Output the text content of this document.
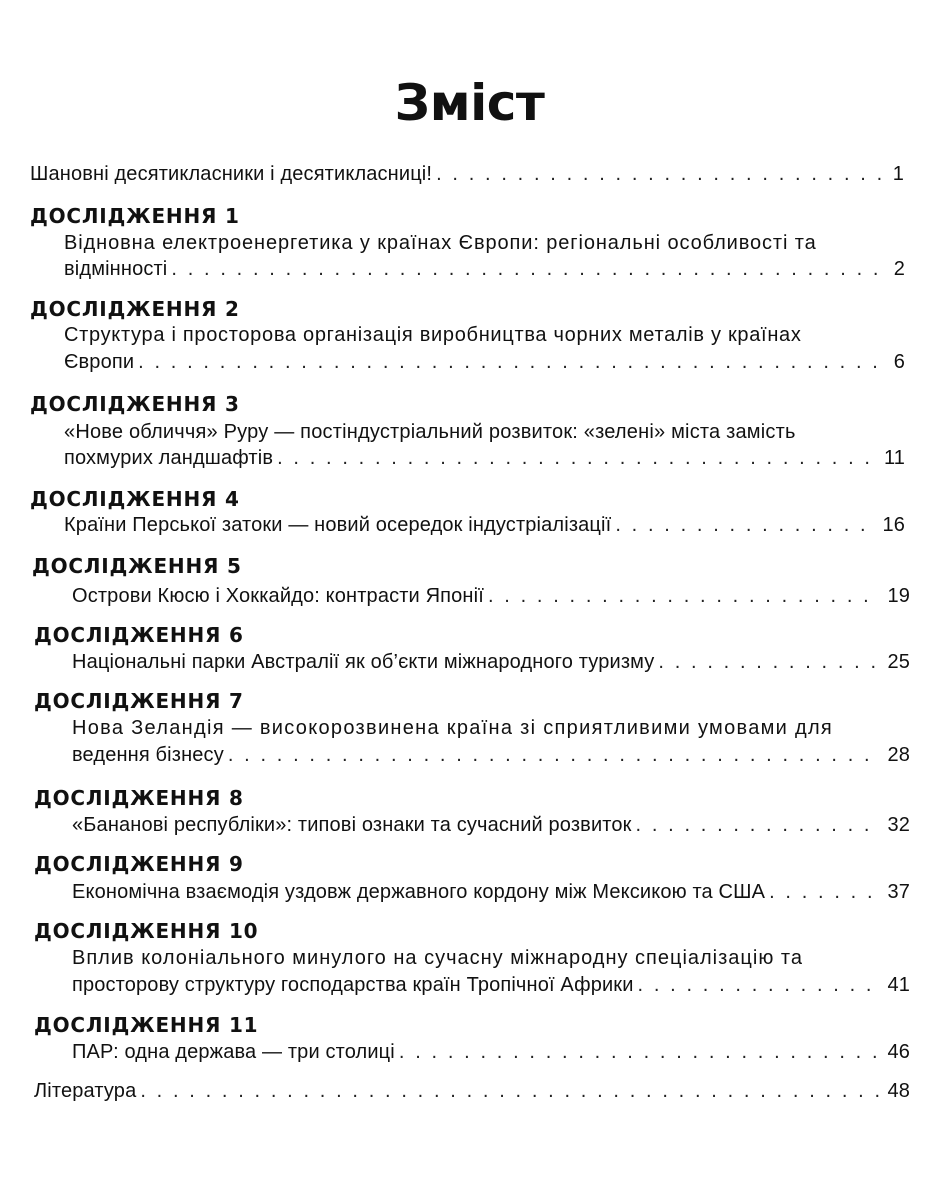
Зміст
Шановні десятикласники і десятикласниці! . . .	1
ДОСЛІДЖЕННЯ 1
Відновна електроенергетика у країнах Європи: регіональні особливості та
відмінності . . .	2
ДОСЛІДЖЕННЯ 2
Структура і просторова організація виробництва чорних металів у країнах
Європи . . .	6
ДОСЛІДЖЕННЯ 3
«Нове обличчя» Руру — постіндустріальний розвиток: «зелені» міста замість
похмурих ландшафтів . . .	11
ДОСЛІДЖЕННЯ 4
Країни Перської затоки — новий осередок індустріалізації . . .	16
ДОСЛІДЖЕННЯ 5
Острови Кюсю і Хоккайдо: контрасти Японії . . .	19
ДОСЛІДЖЕННЯ 6
Національні парки Австралії як об’єкти міжнародного туризму . . .	25
ДОСЛІДЖЕННЯ 7
Нова Зеландія — високорозвинена країна зі сприятливими умовами для
ведення бізнесу . . .	28
ДОСЛІДЖЕННЯ 8
«Бананові республіки»: типові ознаки та сучасний розвиток . . .	32
ДОСЛІДЖЕННЯ 9
Економічна взаємодія уздовж державного кордону між Мексикою та США . . .	37
ДОСЛІДЖЕННЯ 10
Вплив колоніального минулого на сучасну міжнародну спеціалізацію та
просторову структуру господарства країн Тропічної Африки . . .	41
ДОСЛІДЖЕННЯ 11
ПАР: одна держава — три столиці . . .	46
Література . . .	48
